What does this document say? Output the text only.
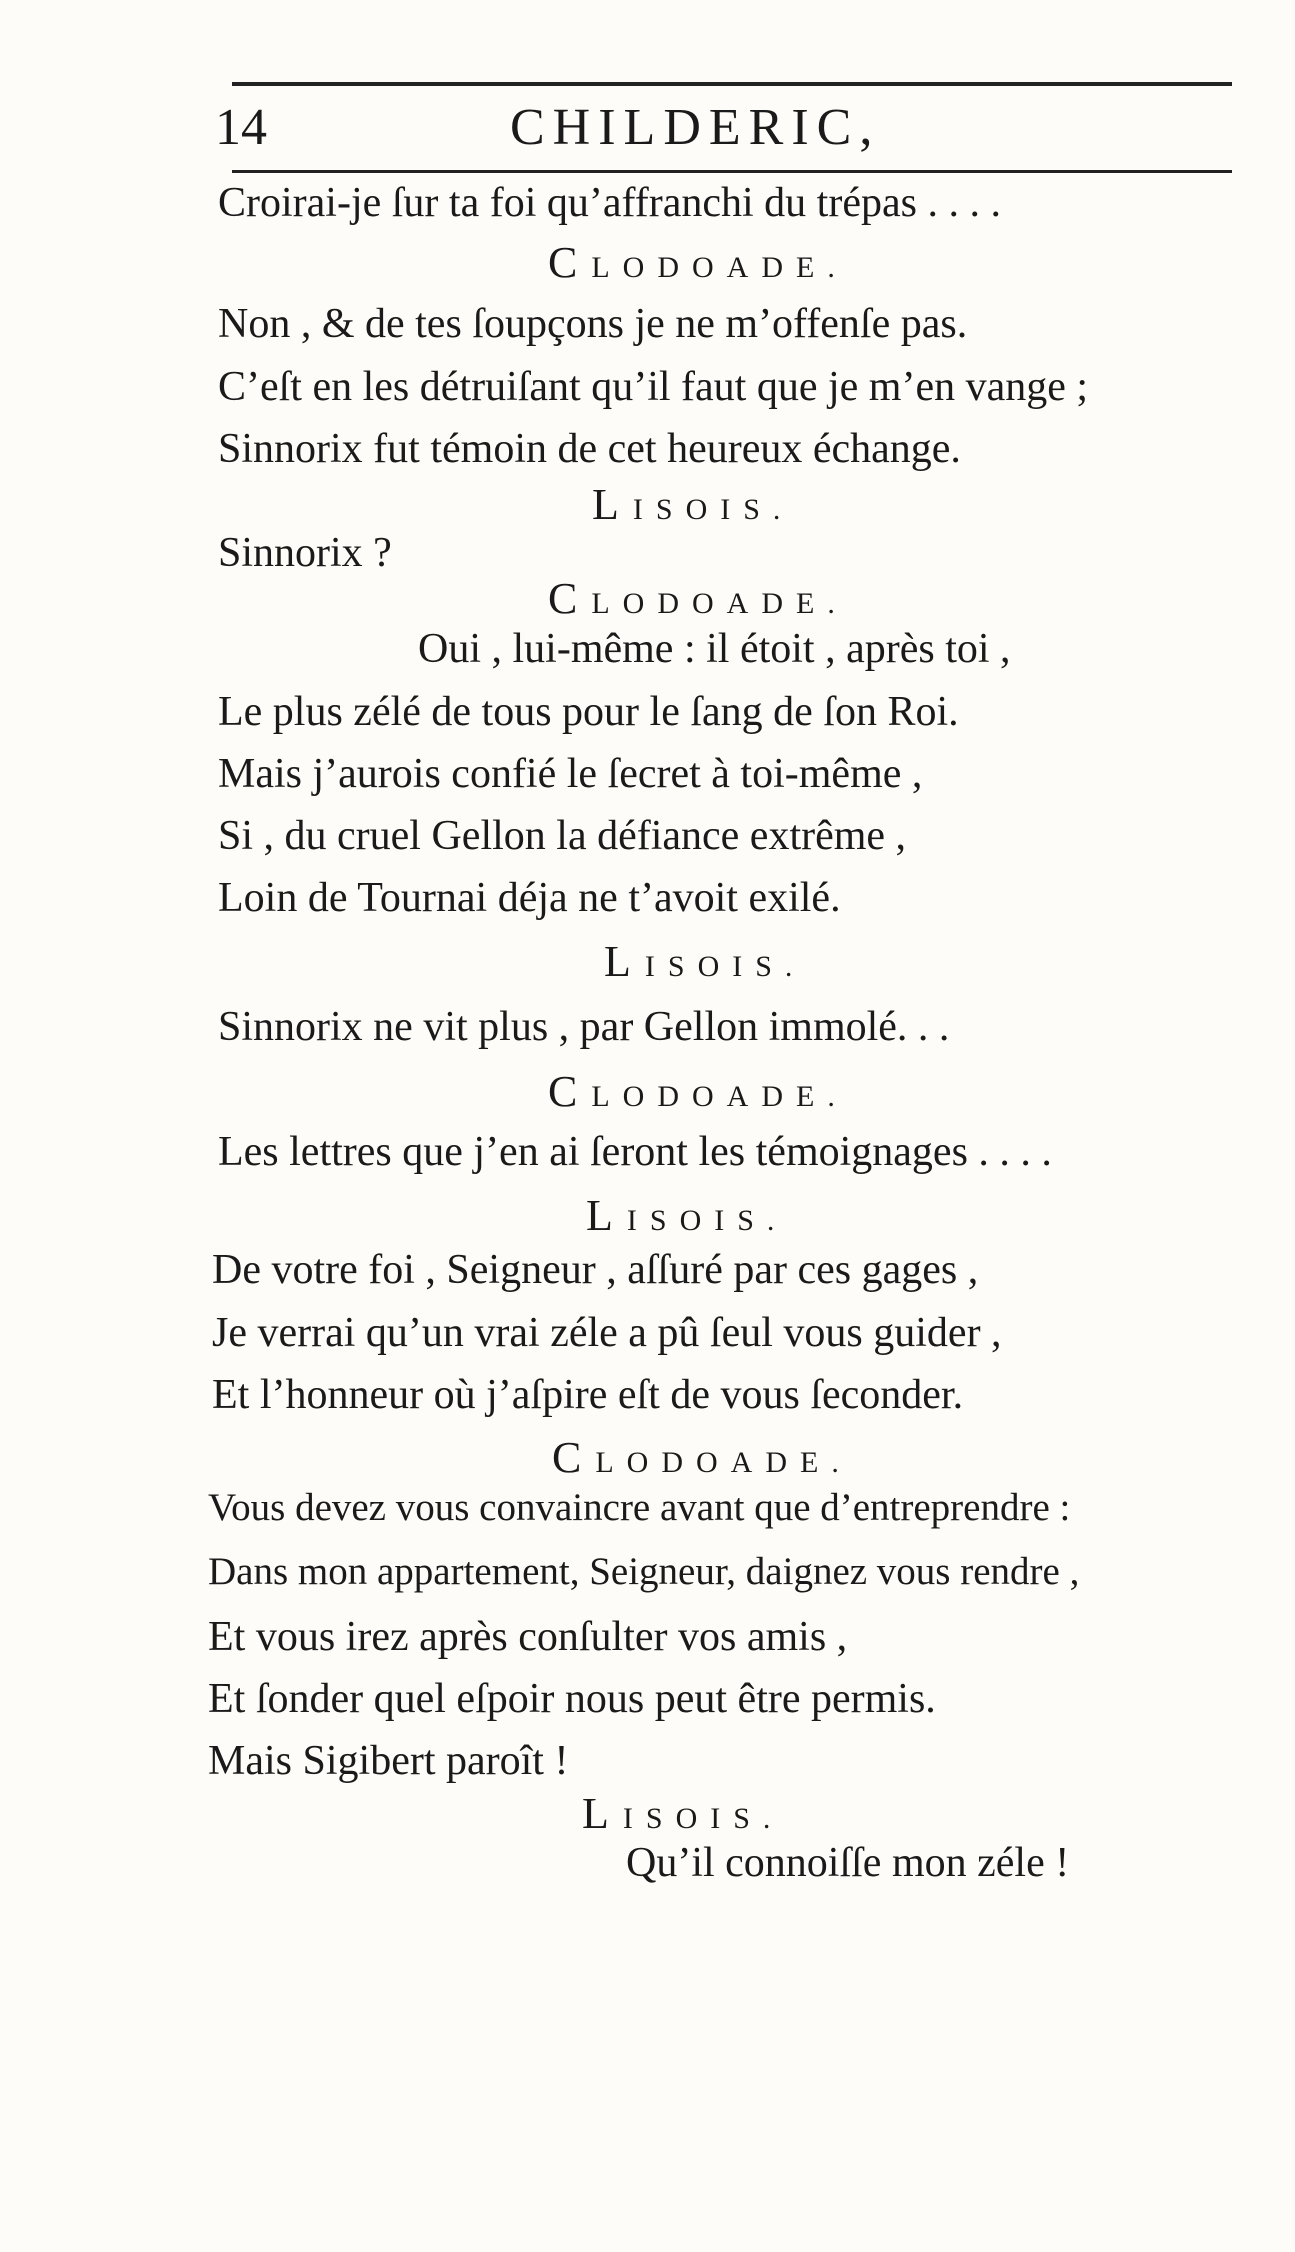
14	CHILDERIC,
Croirai-je ſur ta foi qu’affranchi du trépas . . . .
CLODOADE.
Non , & de tes ſoupçons je ne m’offenſe pas.
C’eſt en les détruiſant qu’il faut que je m’en vange ;
Sinnorix fut témoin de cet heureux échange.
LISOIS.
Sinnorix ?
CLODOADE.
Oui , lui-même : il étoit , après toi ,
Le plus zélé de tous pour le ſang de ſon Roi.
Mais j’aurois confié le ſecret à toi-même ,
Si , du cruel Gellon la défiance extrême ,
Loin de Tournai déja ne t’avoit exilé.
LISOIS.
Sinnorix ne vit plus , par Gellon immolé. . .
CLODOADE.
Les lettres que j’en ai ſeront les témoignages . . . .
LISOIS.
De votre foi , Seigneur , aſſuré par ces gages ,
Je verrai qu’un vrai zéle a pû ſeul vous guider ,
Et l’honneur où j’aſpire eſt de vous ſeconder.
CLODOADE.
Vous devez vous convaincre avant que d’entreprendre :
Dans mon appartement, Seigneur, daignez vous rendre ,
Et vous irez après conſulter vos amis ,
Et ſonder quel eſpoir nous peut être permis.
Mais Sigibert paroît !
LISOIS.
Qu’il connoiſſe mon zéle !
